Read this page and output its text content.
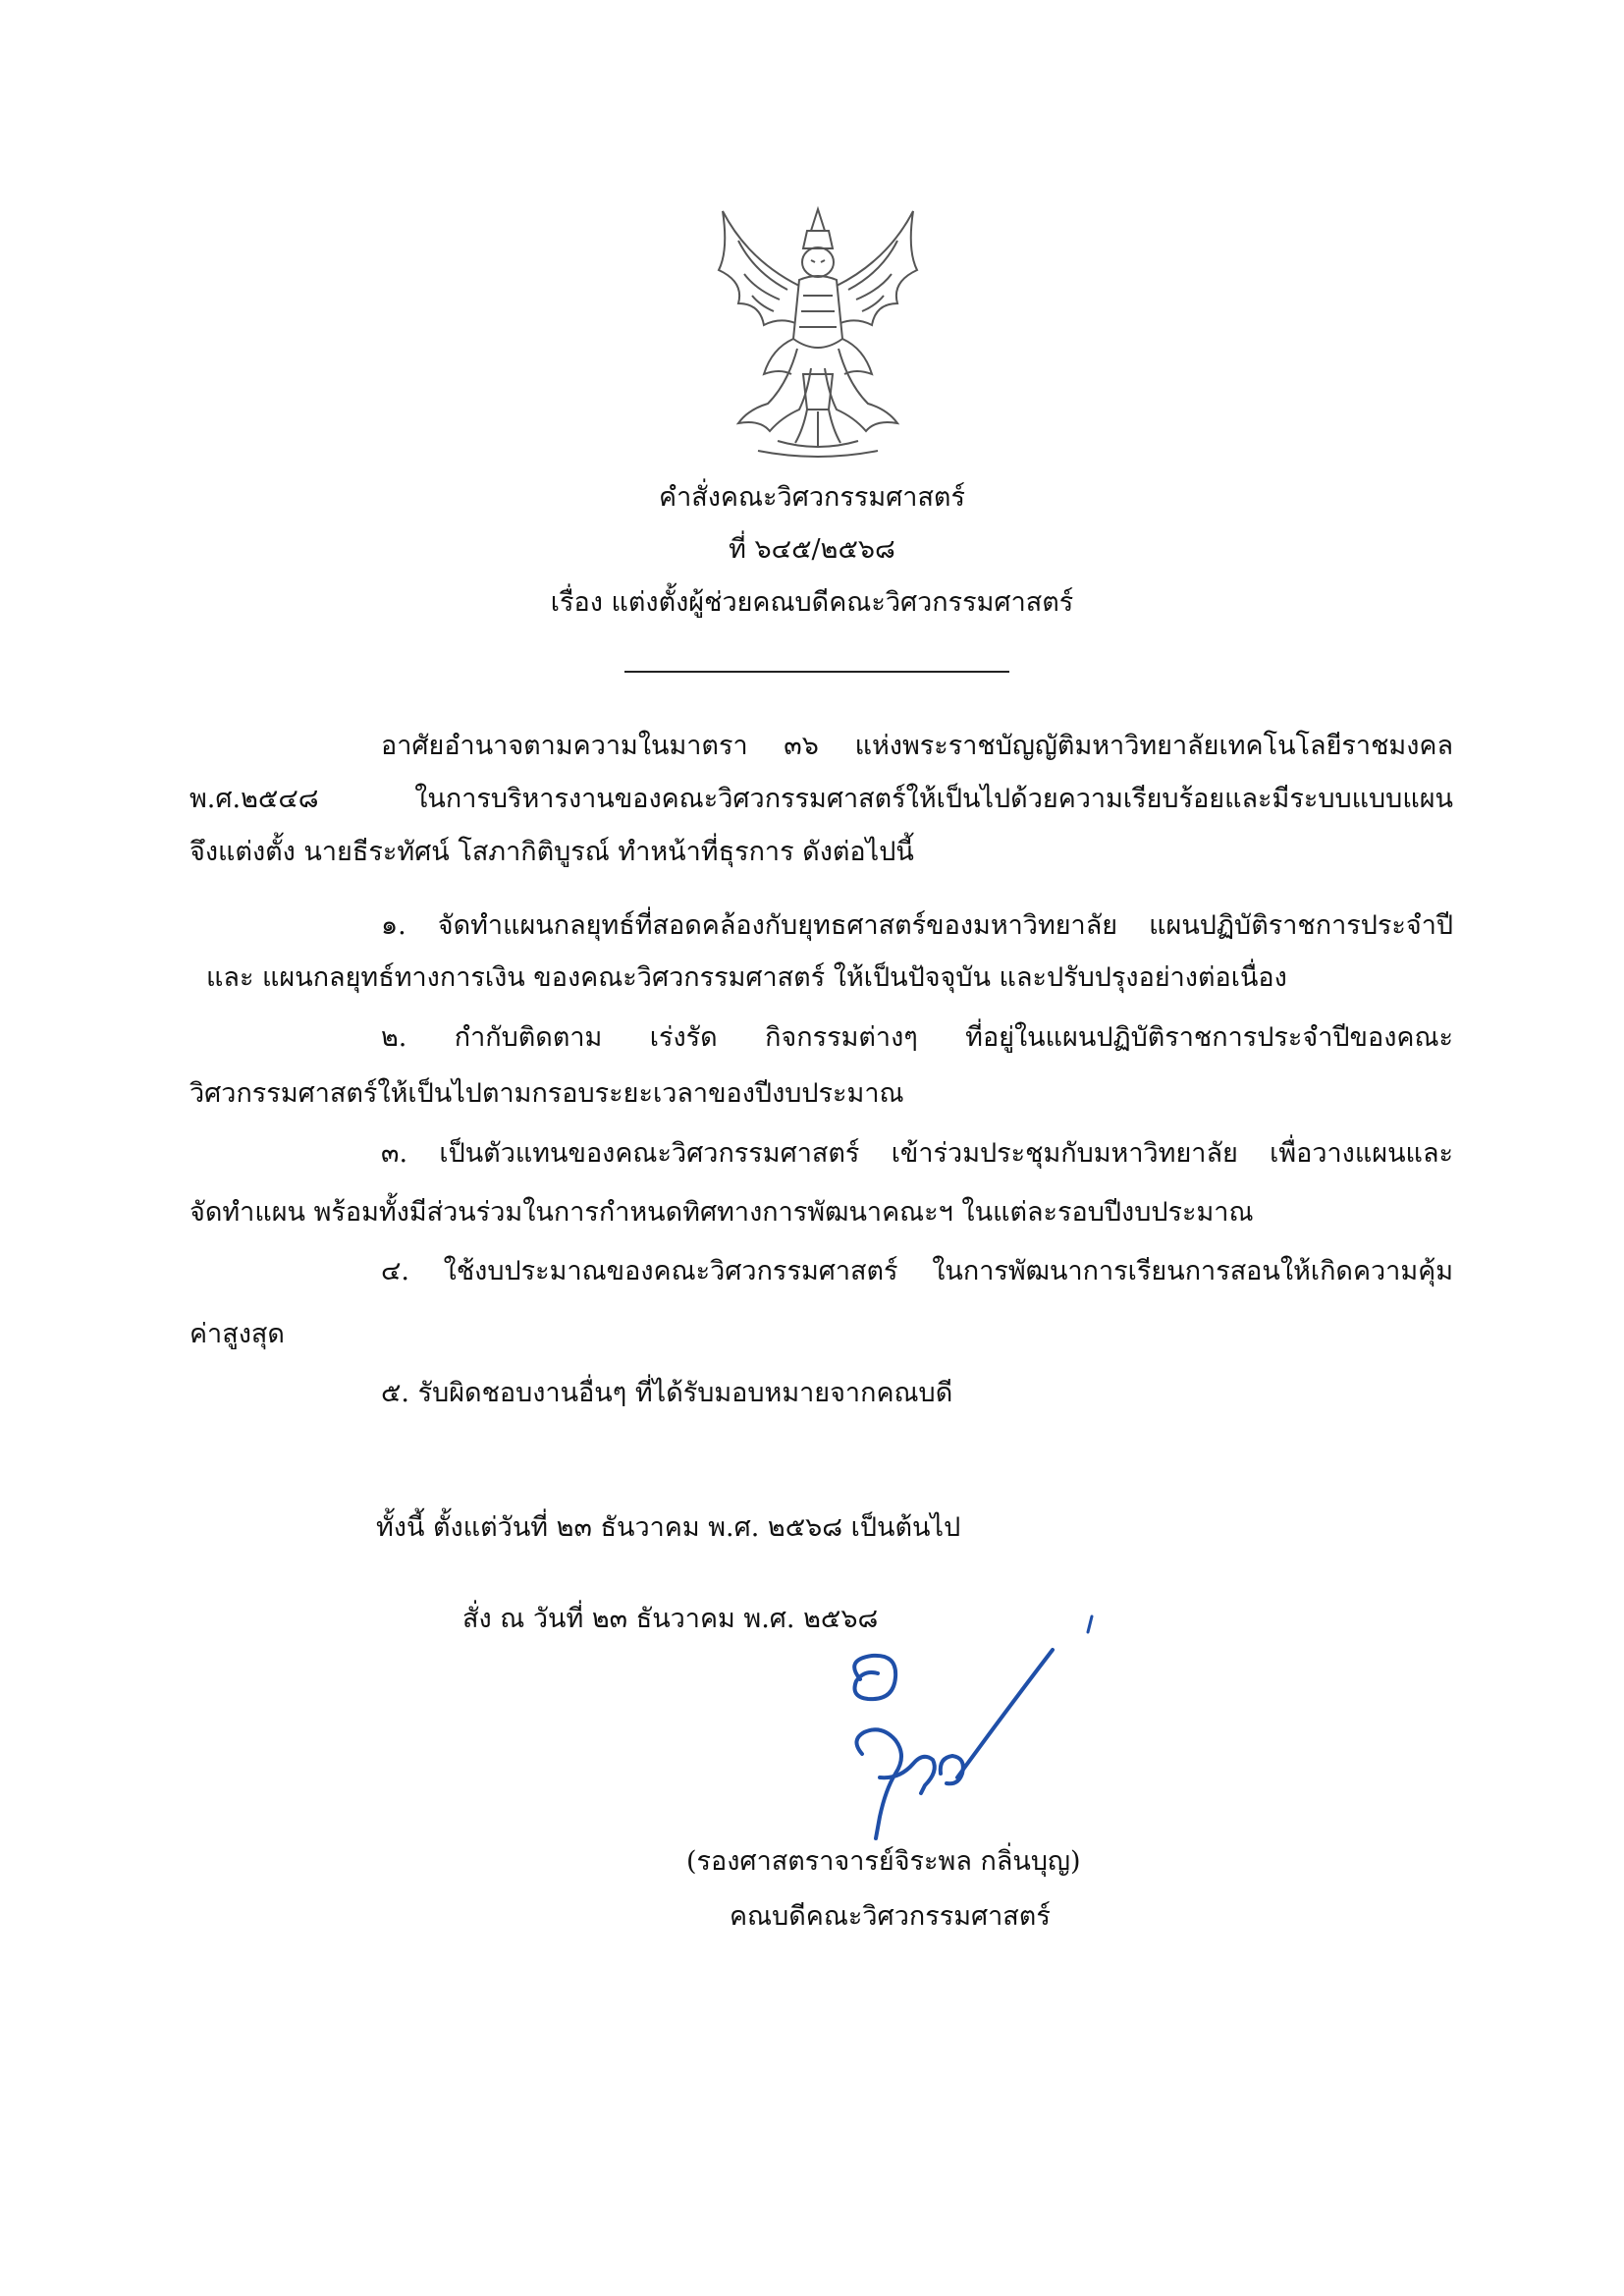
คำสั่งคณะวิศวกรรมศาสตร์
ที่ ๖๔๕/๒๕๖๘
เรื่อง แต่งตั้งผู้ช่วยคณบดีคณะวิศวกรรมศาสตร์
อาศัยอำนาจตามความในมาตรา ๓๖ แห่งพระราชบัญญัติมหาวิทยาลัยเทคโนโลยีราชมงคล
พ.ศ.๒๕๔๘ ในการบริหารงานของคณะวิศวกรรมศาสตร์ให้เป็นไปด้วยความเรียบร้อยและมีระบบแบบแผน
จึงแต่งตั้ง นายธีระทัศน์ โสภากิติบูรณ์ ทำหน้าที่ธุรการ ดังต่อไปนี้
๑. จัดทำแผนกลยุทธ์ที่สอดคล้องกับยุทธศาสตร์ของมหาวิทยาลัย แผนปฏิบัติราชการประจำปี
และ แผนกลยุทธ์ทางการเงิน ของคณะวิศวกรรมศาสตร์ ให้เป็นปัจจุบัน และปรับปรุงอย่างต่อเนื่อง
๒. กำกับติดตาม เร่งรัด กิจกรรมต่างๆ ที่อยู่ในแผนปฏิบัติราชการประจำปีของคณะ
วิศวกรรมศาสตร์ให้เป็นไปตามกรอบระยะเวลาของปีงบประมาณ
๓. เป็นตัวแทนของคณะวิศวกรรมศาสตร์ เข้าร่วมประชุมกับมหาวิทยาลัย เพื่อวางแผนและ
จัดทำแผน พร้อมทั้งมีส่วนร่วมในการกำหนดทิศทางการพัฒนาคณะฯ ในแต่ละรอบปีงบประมาณ
๔. ใช้งบประมาณของคณะวิศวกรรมศาสตร์ ในการพัฒนาการเรียนการสอนให้เกิดความคุ้ม
ค่าสูงสุด
๕. รับผิดชอบงานอื่นๆ ที่ได้รับมอบหมายจากคณบดี
ทั้งนี้ ตั้งแต่วันที่ ๒๓ ธันวาคม พ.ศ. ๒๕๖๘ เป็นต้นไป
สั่ง ณ วันที่ ๒๓ ธันวาคม พ.ศ. ๒๕๖๘
(รองศาสตราจารย์จิระพล กลิ่นบุญ)
คณบดีคณะวิศวกรรมศาสตร์
